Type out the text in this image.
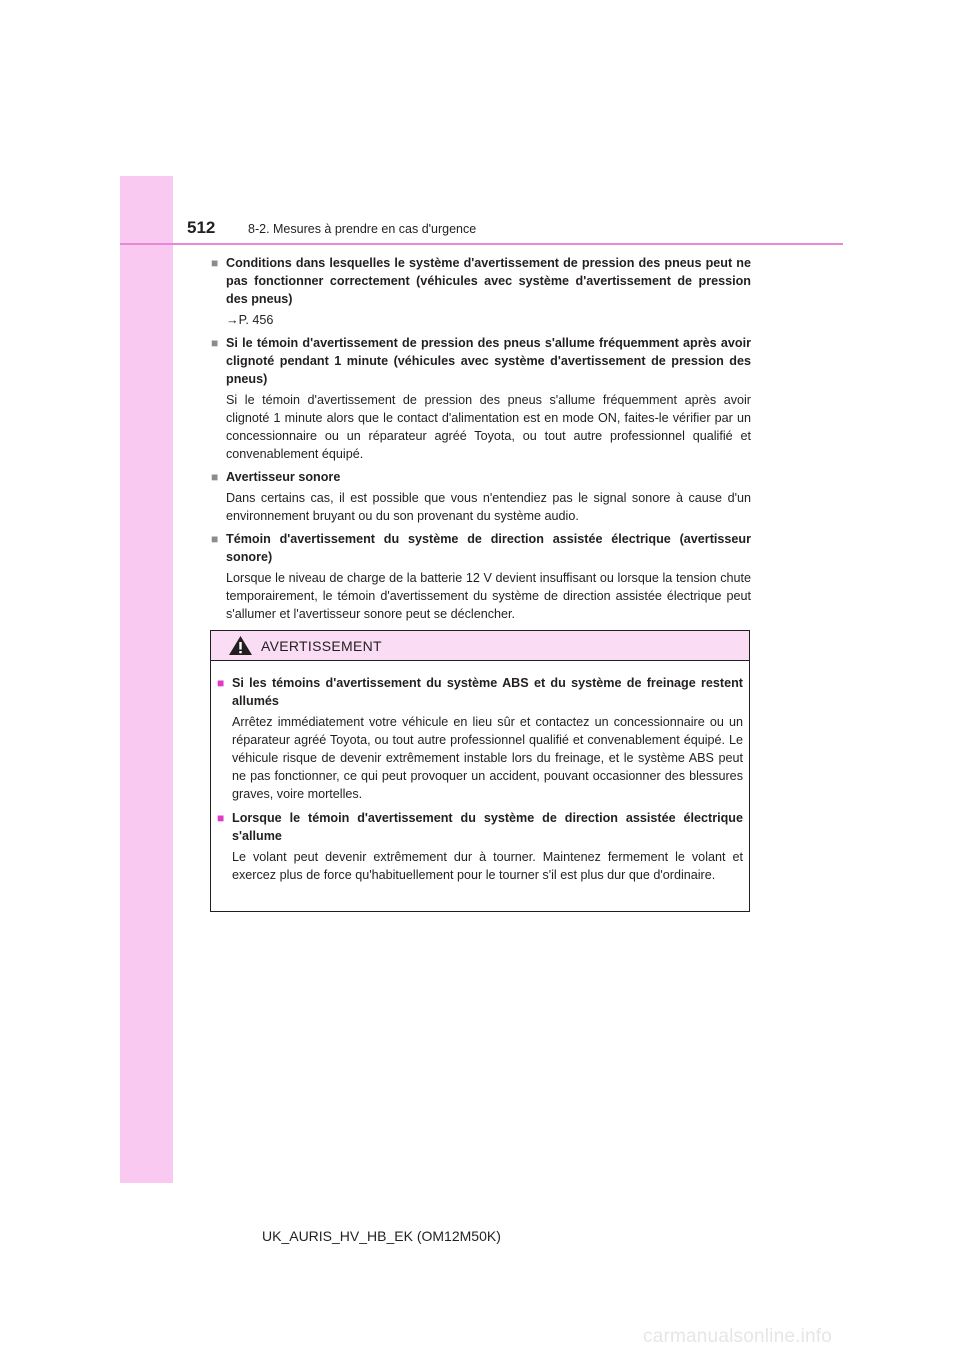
512	8-2. Mesures à prendre en cas d'urgence
■ Conditions dans lesquelles le système d'avertissement de pression des pneus peut ne pas fonctionner correctement (véhicules avec système d'avertissement de pression des pneus)
→P. 456
■ Si le témoin d'avertissement de pression des pneus s'allume fréquemment après avoir clignoté pendant 1 minute (véhicules avec système d'avertissement de pression des pneus)
Si le témoin d'avertissement de pression des pneus s'allume fréquemment après avoir clignoté 1 minute alors que le contact d'alimentation est en mode ON, faites-le vérifier par un concessionnaire ou un réparateur agréé Toyota, ou tout autre professionnel qualifié et convenablement équipé.
■ Avertisseur sonore
Dans certains cas, il est possible que vous n'entendiez pas le signal sonore à cause d'un environnement bruyant ou du son provenant du système audio.
■ Témoin d'avertissement du système de direction assistée électrique (avertisseur sonore)
Lorsque le niveau de charge de la batterie 12 V devient insuffisant ou lorsque la tension chute temporairement, le témoin d'avertissement du système de direction assistée électrique peut s'allumer et l'avertisseur sonore peut se déclencher.
AVERTISSEMENT
■ Si les témoins d'avertissement du système ABS et du système de freinage restent allumés
Arrêtez immédiatement votre véhicule en lieu sûr et contactez un concessionnaire ou un réparateur agréé Toyota, ou tout autre professionnel qualifié et convenablement équipé. Le véhicule risque de devenir extrêmement instable lors du freinage, et le système ABS peut ne pas fonctionner, ce qui peut provoquer un accident, pouvant occasionner des blessures graves, voire mortelles.
■ Lorsque le témoin d'avertissement du système de direction assistée électrique s'allume
Le volant peut devenir extrêmement dur à tourner. Maintenez fermement le volant et exercez plus de force qu'habituellement pour le tourner s'il est plus dur que d'ordinaire.
UK_AURIS_HV_HB_EK (OM12M50K)
carmanualsonline.info
